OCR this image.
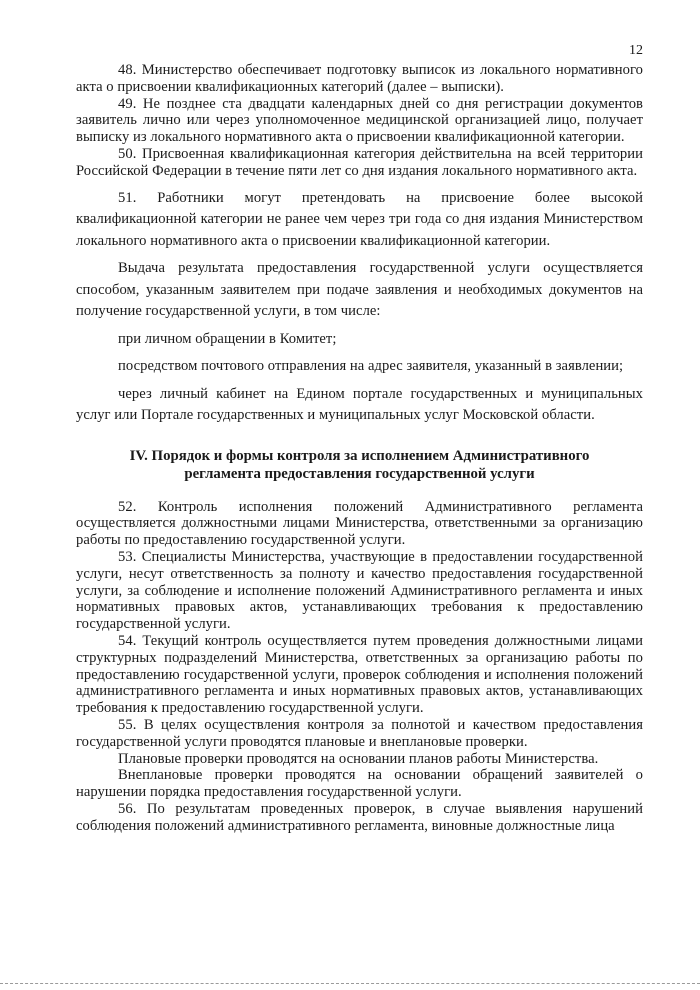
12

48. Министерство обеспечивает подготовку выписок из локального нормативного акта о присвоении квалификационных категорий (далее – выписки).

49. Не позднее ста двадцати календарных дней со дня регистрации документов заявитель лично или через уполномоченное медицинской организацией лицо, получает выписку из локального нормативного акта о присвоении квалификационной категории.

50. Присвоенная квалификационная категория действительна на всей территории Российской Федерации в течение пяти лет со дня издания локального нормативного акта.

51. Работники могут претендовать на присвоение более высокой квалификационной категории не ранее чем через три года со дня издания Министерством локального нормативного акта о присвоении квалификационной категории.

Выдача результата предоставления государственной услуги осуществляется способом, указанным заявителем при подаче заявления и необходимых документов на получение государственной услуги, в том числе:

при личном обращении в Комитет;

посредством почтового отправления на адрес заявителя, указанный в заявлении;

через личный кабинет на Едином портале государственных и муниципальных услуг или Портале государственных и муниципальных услуг Московской области.

IV. Порядок и формы контроля за исполнением Административного
регламента предоставления государственной услуги

52. Контроль исполнения положений Административного регламента осуществляется должностными лицами Министерства, ответственными за организацию работы по предоставлению государственной услуги.

53. Специалисты Министерства, участвующие в предоставлении государственной услуги, несут ответственность за полноту и качество предоставления государственной услуги, за соблюдение и исполнение положений Административного регламента и иных нормативных правовых актов, устанавливающих требования к предоставлению государственной услуги.

54. Текущий контроль осуществляется путем проведения должностными лицами структурных подразделений Министерства, ответственных за организацию работы по предоставлению государственной услуги, проверок соблюдения и исполнения положений административного регламента и иных нормативных правовых актов, устанавливающих требования к предоставлению государственной услуги.

55. В целях осуществления контроля за полнотой и качеством предоставления государственной услуги проводятся плановые и внеплановые проверки.

Плановые проверки проводятся на основании планов работы Министерства.

Внеплановые проверки проводятся на основании обращений заявителей о нарушении порядка предоставления государственной услуги.

56. По результатам проведенных проверок, в случае выявления нарушений соблюдения положений административного регламента, виновные должностные лица
